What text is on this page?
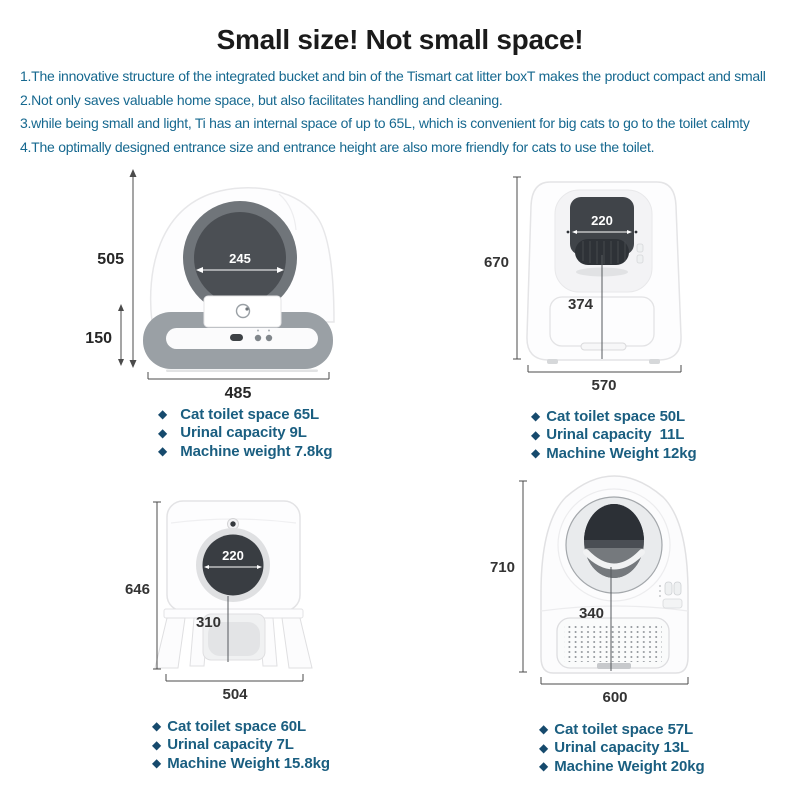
Small size! Not small space!
1.The innovative structure of the integrated bucket and bin of the Tismart cat litter boxT makes the product compact and small
2.Not only saves valuable home space, but also facilitates handling and cleaning.
3.while being small and light, Ti has an internal space of up to 65L, which is convenient for big cats to go to the toilet calmty
4.The optimally designed entrance size and entrance height are also more friendly for cats to use the toilet.
245
505
150
485
◆ Cat toilet space 65L
◆ Urinal capacity 9L
◆ Machine weight 7.8kg
220
374
670
570
◆ Cat toilet space 50L
◆ Urinal capacity  11L
◆ Machine Weight 12kg
220
310
646
504
◆ Cat toilet space 60L
◆ Urinal capacity 7L
◆ Machine Weight 15.8kg
340
710
600
◆ Cat toilet space 57L
◆ Urinal capacity 13L
◆ Machine Weight 20kg
